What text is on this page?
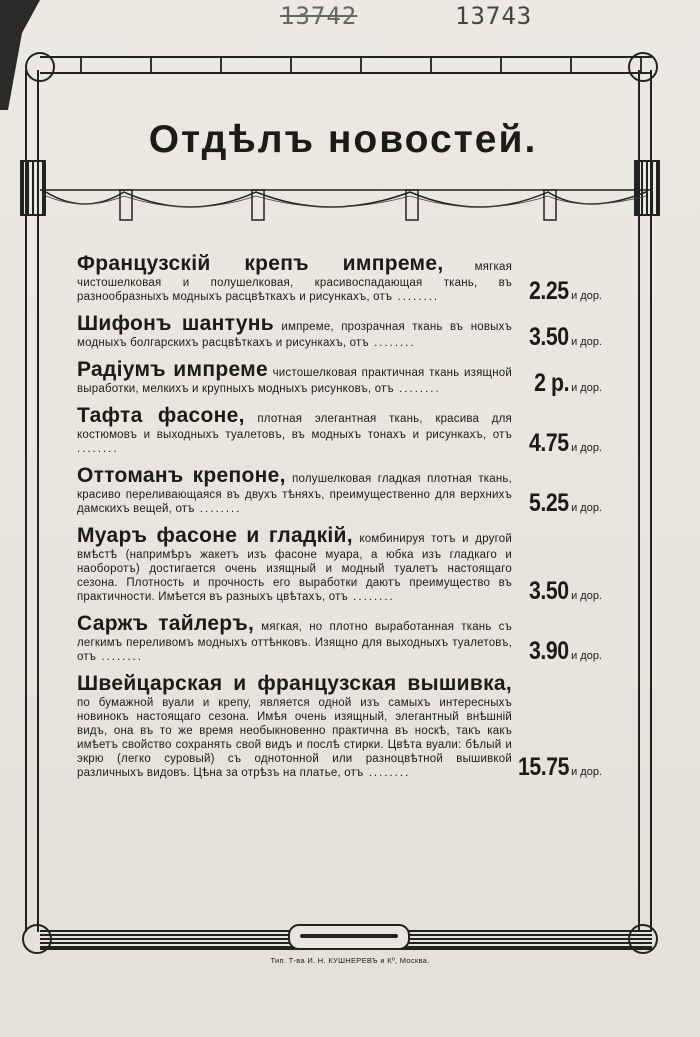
13742	13743
Отдѣлъ новостей.
Французскій крепъ импреме,	мягкая чистошелковая и полушелковая, красивоспадающая ткань, въ разнообразныхъ модныхъ расцвѣткахъ и рисункахъ, отъ ........	2.25 и дор.
Шифонъ шантунь импреме, прозрачная ткань въ новыхъ модныхъ болгарскихъ расцвѣткахъ и рисункахъ, отъ ........	3.50 и дор.
Радіумъ импреме чистошелковая практичная ткань изящной выработки, мелкихъ и крупныхъ модныхъ рисунковъ, отъ ........	2 р. и дор.
Тафта фасоне, плотная элегантная ткань, красива для костюмовъ и выходныхъ туалетовъ, въ модныхъ тонахъ и рисункахъ, отъ ........	4.75 и дор.
Оттоманъ крепоне, полушелковая гладкая плотная ткань, красиво переливающаяся въ двухъ тѣняхъ, преимущественно для верхнихъ дамскихъ вещей, отъ ........	5.25 и дор.
Муаръ фасоне и гладкій, комбинируя тотъ и другой вмѣстѣ (напримѣръ жакетъ изъ фасоне муара, а юбка изъ гладкаго и наоборотъ) достигается очень изящный и модный туалетъ настоящаго сезона. Плотность и прочность его выработки даютъ преимущество въ практичности. Имѣется въ разныхъ цвѣтахъ, отъ ........	3.50 и дор.
Саржъ тайлеръ, мягкая, но плотно выработанная ткань съ легкимъ переливомъ модныхъ оттѣнковъ. Изящно для выходныхъ туалетовъ, отъ ........	3.90 и дор.
Швейцарская и французская вышивка, по бумажной вуали и крепу, является одной изъ самыхъ интересныхъ новинокъ настоящаго сезона. Имѣя очень изящный, элегантный внѣшній видъ, она въ то же время необыкновенно практична въ носкѣ, такъ какъ имѣетъ свойство сохранять свой видъ и послѣ стирки. Цвѣта вуали: бѣлый и экрю (легко суровый) съ однотонной или разноцвѣтной вышивкой различныхъ видовъ. Цѣна за отрѣзъ на платье, отъ ........	15.75 и дор.
Тип. Т-ва И. Н. КУШНЕРЕВЪ и Кº, Москва.
